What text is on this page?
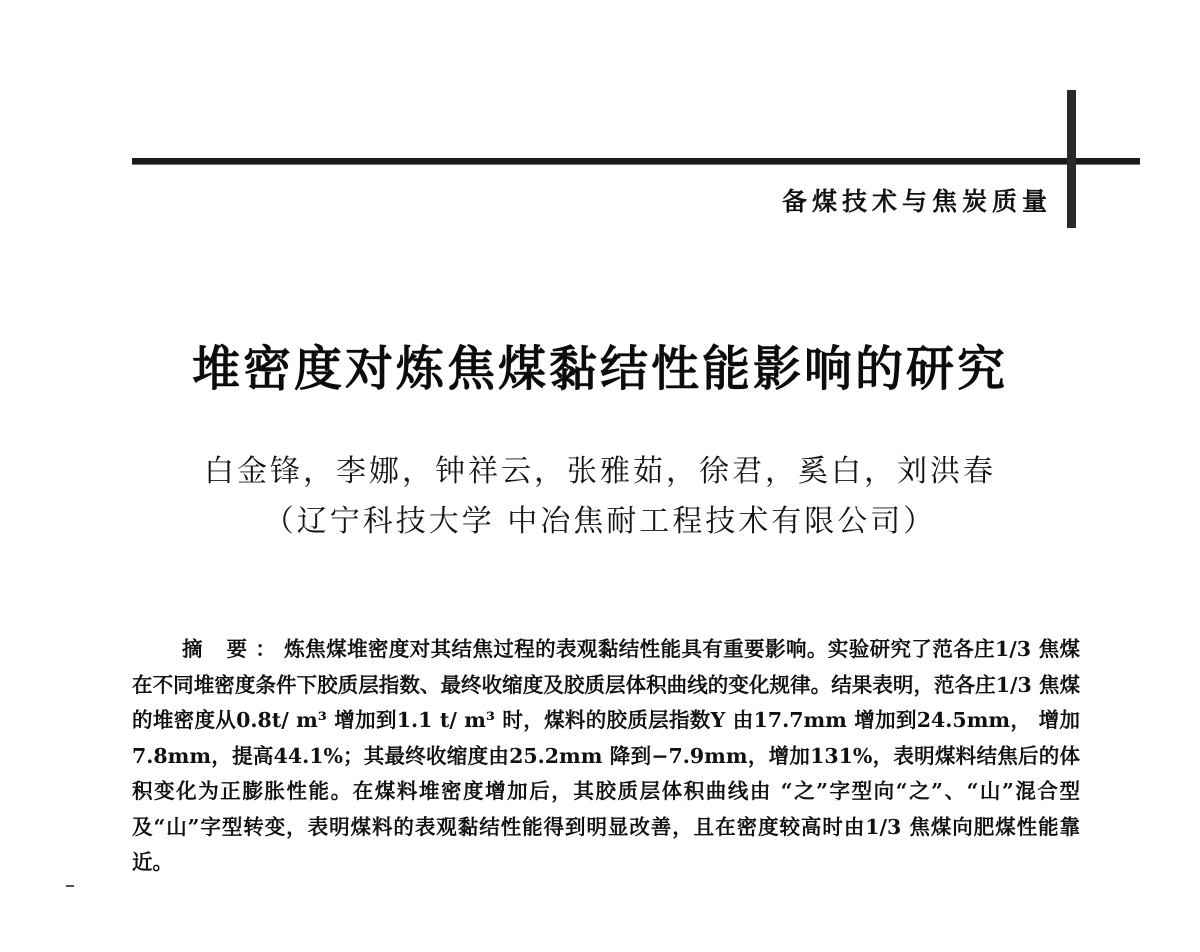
备煤技术与焦炭质量
堆密度对炼焦煤黏结性能影响的研究
白金锋，李娜，钟祥云，张雅茹，徐君，奚白，刘洪春
（辽宁科技大学 中冶焦耐工程技术有限公司）

摘 要：炼焦煤堆密度对其结焦过程的表观黏结性能具有重要影响。实验研究了范各庄1/3 焦煤在不同堆密度条件下胶质层指数、最终收缩度及胶质层体积曲线的变化规律。结果表明，范各庄1/3 焦煤的堆密度从0.8t/ m³ 增加到1.1 t/ m³ 时，煤料的胶质层指数Y 由17.7mm 增加到24.5mm， 增加7.8mm，提高44.1%；其最终收缩度由25.2mm 降到−7.9mm，增加131%，表明煤料结焦后的体积变化为正膨胀性能。在煤料堆密度增加后，其胶质层体积曲线由 “之”字型向“之”、“山”混合型及“山”字型转变，表明煤料的表观黏结性能得到明显改善，且在密度较高时由1/3 焦煤向肥煤性能靠近。
